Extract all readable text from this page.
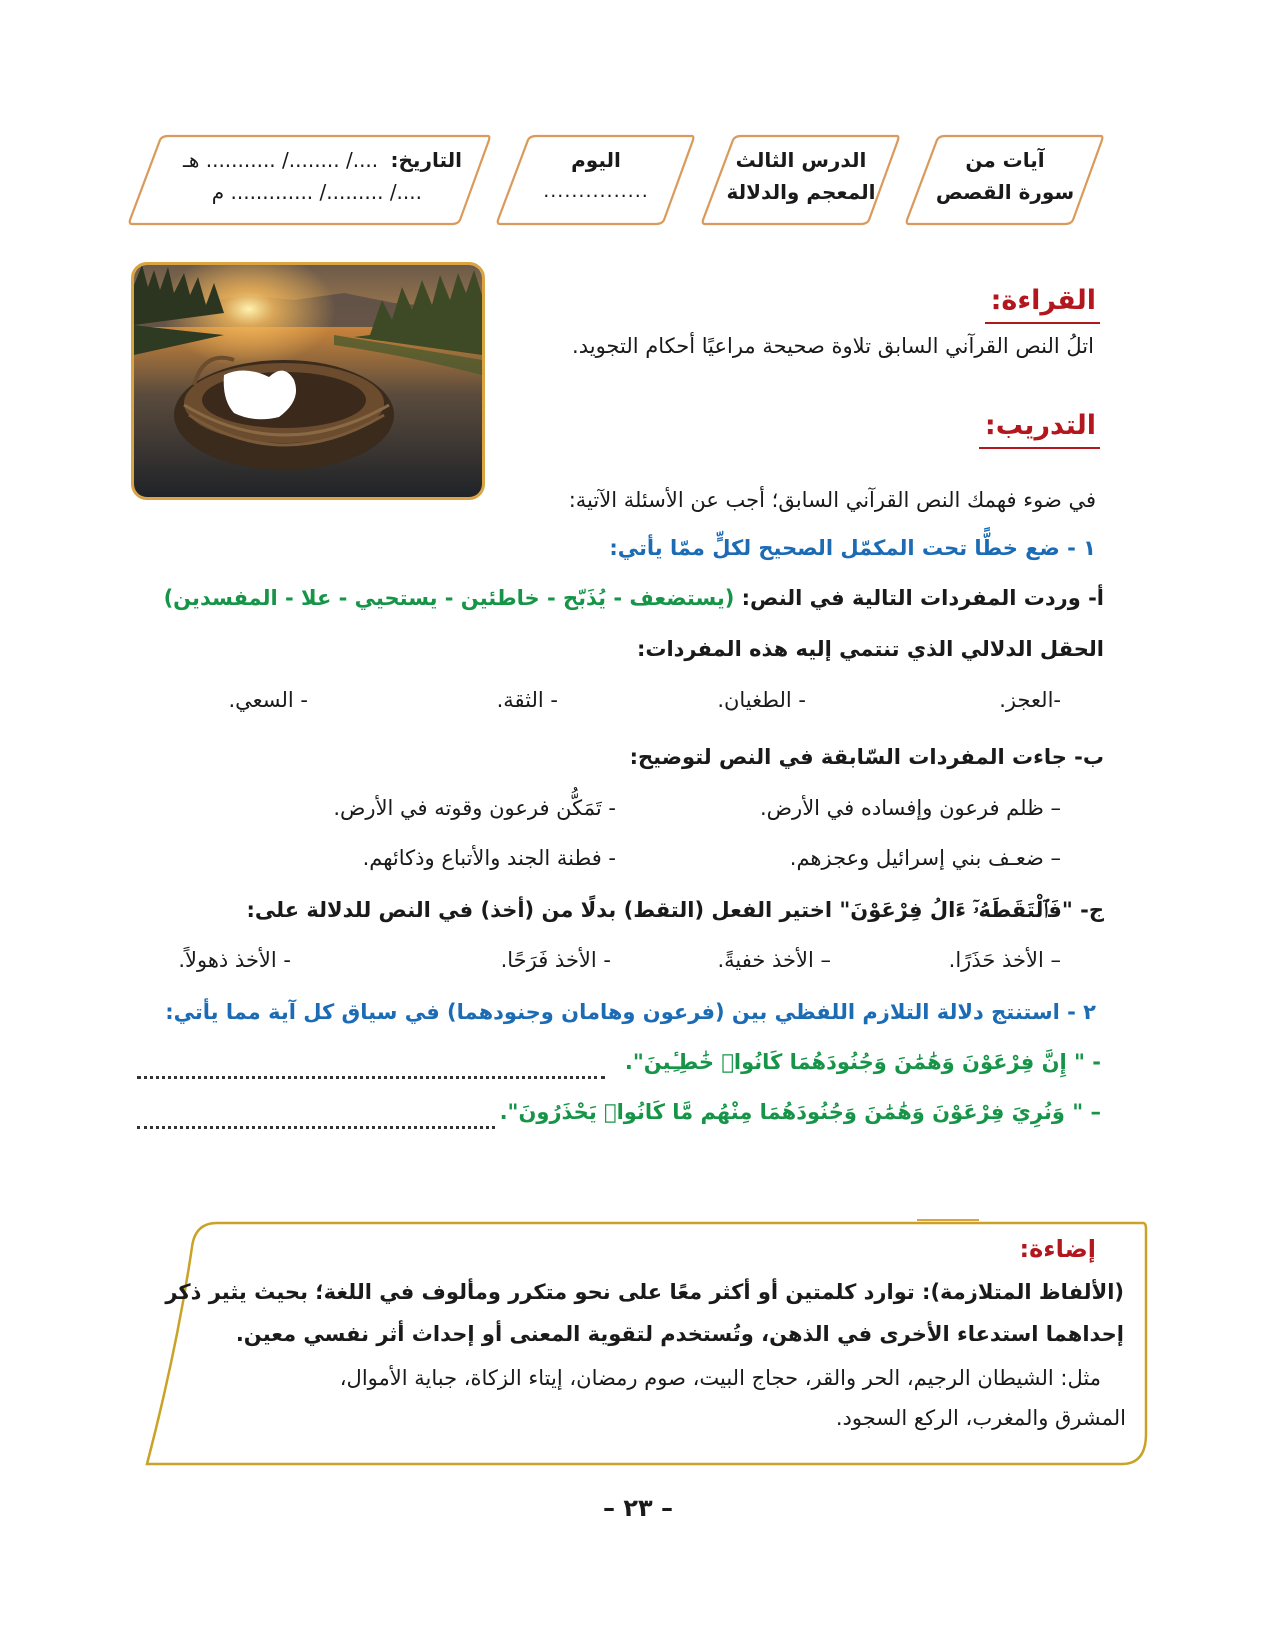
آيات من
سورة القصص
الدرس الثالث
المعجم والدلالة
اليوم
...............
التاريخ: ..../ ......../ ........... هـ
..../ ........./ ............. م
القراءة:
اتلُ النص القرآني السابق تلاوة صحيحة مراعيًا أحكام التجويد.
التدريب:
في ضوء فهمك النص القرآني السابق؛ أجب عن الأسئلة الآتية:
١ - ضع خطًّا تحت المكمّل الصحيح لكلٍّ ممّا يأتي:
أ- وردت المفردات التالية في النص: (يستضعف - يُذَبّح - خاطئين - يستحيي - علا - المفسدين)
الحقل الدلالي الذي تنتمي إليه هذه المفردات:
-العجز.
- الطغيان.
- الثقة.
- السعي.
ب- جاءت المفردات السّابقة في النص لتوضيح:
– ظلم فرعون وإفساده في الأرض.
- تَمَكُّن فرعون وقوته في الأرض.
– ضعـف بني إسرائيل وعجزهم.
- فطنة الجند والأتباع وذكائهم.
ج- "فَٱلْتَقَطَهُۥٓ ءَالُ فِرْعَوْنَ" اختير الفعل (التقط) بدلًا من (أخذ) في النص للدلالة على:
– الأخذ حَذَرًا.
– الأخذ خفيةً.
- الأخذ فَرَحًا.
- الأخذ ذهولاً.
٢ - استنتج دلالة التلازم اللفظي بين (فرعون وهامان وجنودهما) في سياق كل آية مما يأتي:
- " إِنَّ فِرْعَوْنَ وَهَٰمَٰنَ وَجُنُودَهُمَا كَانُوا۟ خَٰطِـِٔينَ".
– " وَنُرِيَ فِرْعَوْنَ وَهَٰمَٰنَ وَجُنُودَهُمَا مِنْهُم مَّا كَانُوا۟ يَحْذَرُونَ".
إضاءة:
(الألفاظ المتلازمة): توارد كلمتين أو أكثر معًا على نحو متكرر ومألوف في اللغة؛ بحيث يثير ذكر
إحداهما استدعاء الأخرى في الذهن، وتُستخدم لتقوية المعنى أو إحداث أثر نفسي معين.
مثل: الشيطان الرجيم، الحر والقر، حجاج البيت، صوم رمضان، إيتاء الزكاة، جباية الأموال،
المشرق والمغرب، الركع السجود.
– ٢٣ –
